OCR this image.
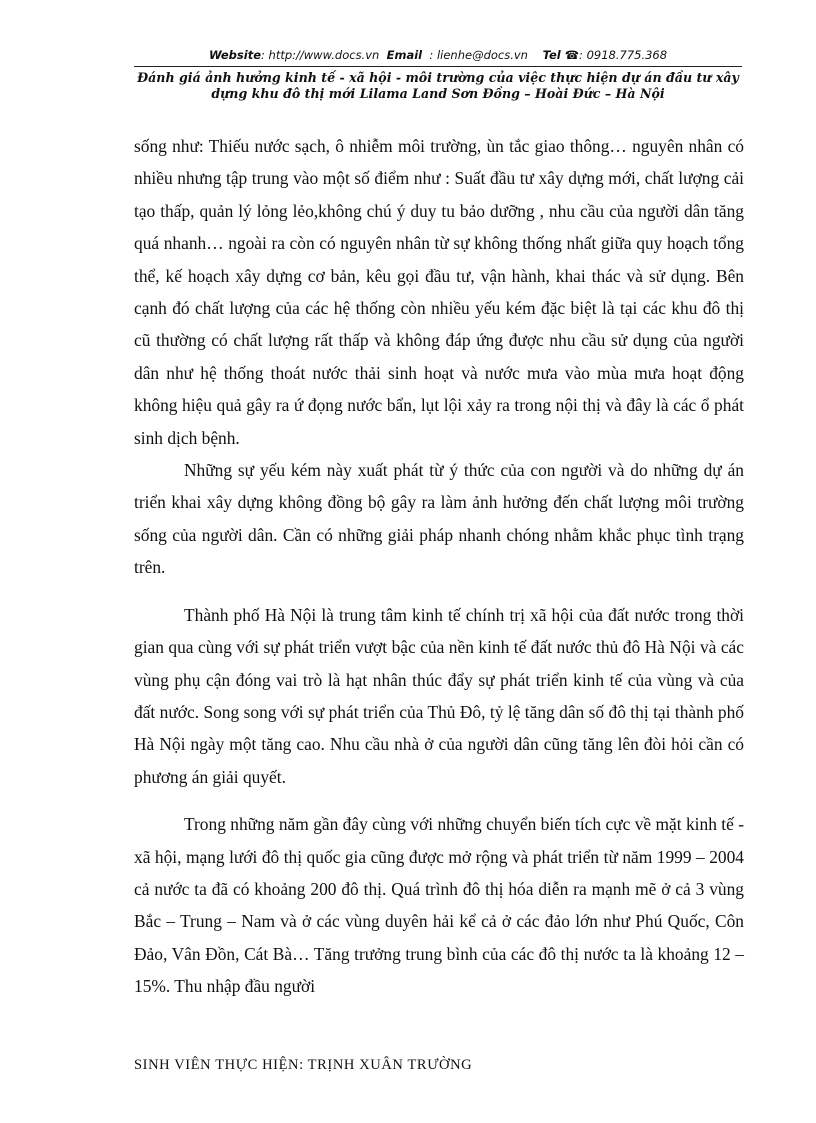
Website: http://www.docs.vn Email : lienhe@docs.vn Tel ☎: 0918.775.368
Đánh giá ảnh hưởng kinh tế - xã hội - môi trường của việc thực hiện dự án đầu tư xây
dựng khu đô thị mới Lilama Land Sơn Đồng – Hoài Đức – Hà Nội

sống như: Thiếu nước sạch, ô nhiễm môi trường, ùn tắc giao thông… nguyên nhân có nhiều nhưng tập trung vào một số điểm như : Suất đầu tư xây dựng mới, chất lượng cải tạo thấp, quản lý lỏng lẻo,không chú ý duy tu bảo dưỡng , nhu cầu của người dân tăng quá nhanh… ngoài ra còn có nguyên nhân từ sự không thống nhất giữa quy hoạch tổng thể, kế hoạch xây dựng cơ bản, kêu gọi đầu tư, vận hành, khai thác và sử dụng. Bên cạnh đó chất lượng của các hệ thống còn nhiều yếu kém đặc biệt là tại các khu đô thị cũ thường có chất lượng rất thấp và không đáp ứng được nhu cầu sử dụng của người dân như hệ thống thoát nước thải sinh hoạt và nước mưa vào mùa mưa hoạt động không hiệu quả gây ra ứ đọng nước bẩn, lụt lội xảy ra trong nội thị và đây là các ổ phát sinh dịch bệnh.

Những sự yếu kém này xuất phát từ ý thức của con người và do những dự án triển khai xây dựng không đồng bộ gây ra làm ảnh hưởng đến chất lượng môi trường sống của người dân. Cần có những giải pháp nhanh chóng nhằm khắc phục tình trạng trên.

Thành phố Hà Nội là trung tâm kinh tế chính trị xã hội của đất nước trong thời gian qua cùng với sự phát triển vượt bậc của nền kinh tế đất nước thủ đô Hà Nội và các vùng phụ cận đóng vai trò là hạt nhân thúc đẩy sự phát triển kinh tế của vùng và của đất nước. Song song với sự phát triển của Thủ Đô, tỷ lệ tăng dân số đô thị tại thành phố Hà Nội ngày một tăng cao. Nhu cầu nhà ở của người dân cũng tăng lên đòi hỏi cần có phương án giải quyết.

Trong những năm gần đây cùng với những chuyển biến tích cực về mặt kinh tế - xã hội, mạng lưới đô thị quốc gia cũng được mở rộng và phát triển từ năm 1999 – 2004 cả nước ta đã có khoảng 200 đô thị. Quá trình đô thị hóa diễn ra mạnh mẽ ở cả 3 vùng Bắc – Trung – Nam và ở các vùng duyên hải kể cả ở các đảo lớn như Phú Quốc, Côn Đảo, Vân Đồn, Cát Bà… Tăng trưởng trung bình của các đô thị nước ta là khoảng 12 – 15%. Thu nhập đầu người

SINH VIÊN THỰC HIỆN: TRỊNH XUÂN TRƯỜNG
